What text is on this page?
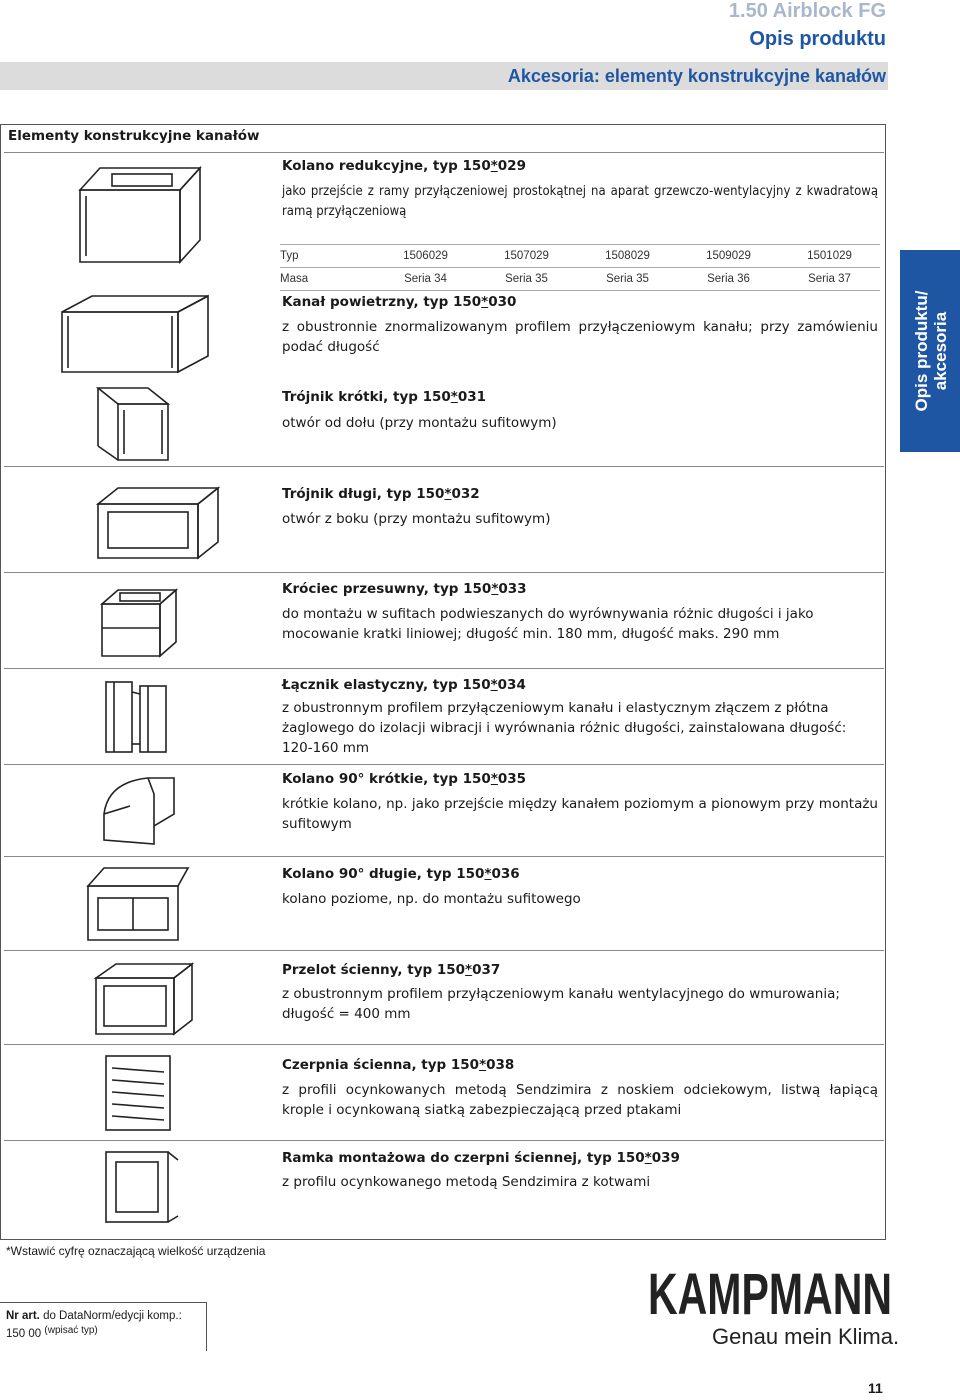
1.50 Airblock FG
Opis produktu
Akcesoria: elementy konstrukcyjne kanałów
Elementy konstrukcyjne kanałów
Opis produktu/
akcesoria
Kolano redukcyjne, typ 150*029
jako przejście z ramy przyłączeniowej prostokątnej na aparat grzewczo-wentylacyjny z kwadratową ramą przyłączeniową
Typ	1506029	1507029	1508029	1509029	1501029
Masa	Seria 34	Seria 35	Seria 35	Seria 36	Seria 37
Kanał powietrzny, typ 150*030
z obustronnie znormalizowanym profilem przyłączeniowym kanału; przy zamówieniu podać długość
Trójnik krótki, typ 150*031
otwór od dołu (przy montażu sufitowym)
Trójnik długi, typ 150*032
otwór z boku (przy montażu sufitowym)
Króciec przesuwny, typ 150*033
do montażu w sufitach podwieszanych do wyrównywania różnic długości i jako mocowanie kratki liniowej; długość min. 180 mm, długość maks. 290 mm
Łącznik elastyczny, typ 150*034
z obustronnym profilem przyłączeniowym kanału i elastycznym złączem z płótna żaglowego do izolacji wibracji i wyrównania różnic długości, zainstalowana długość: 120-160 mm
Kolano 90° krótkie, typ 150*035
krótkie kolano, np. jako przejście między kanałem poziomym a pionowym przy montażu sufitowym
Kolano 90° długie, typ 150*036
kolano poziome, np. do montażu sufitowego
Przelot ścienny, typ 150*037
z obustronnym profilem przyłączeniowym kanału wentylacyjnego do wmurowania; długość = 400 mm
Czerpnia ścienna, typ 150*038
z profili ocynkowanych metodą Sendzimira z noskiem odciekowym, listwą łapiącą krople i ocynkowaną siatką zabezpieczającą przed ptakami
Ramka montażowa do czerpni ściennej, typ 150*039
z profilu ocynkowanego metodą Sendzimira z kotwami
*Wstawić cyfrę oznaczającą wielkość urządzenia
Nr art. do DataNorm/edycji komp.:
150 00 (wpisać typ)
KAMPMANN
Genau mein Klima.
11
